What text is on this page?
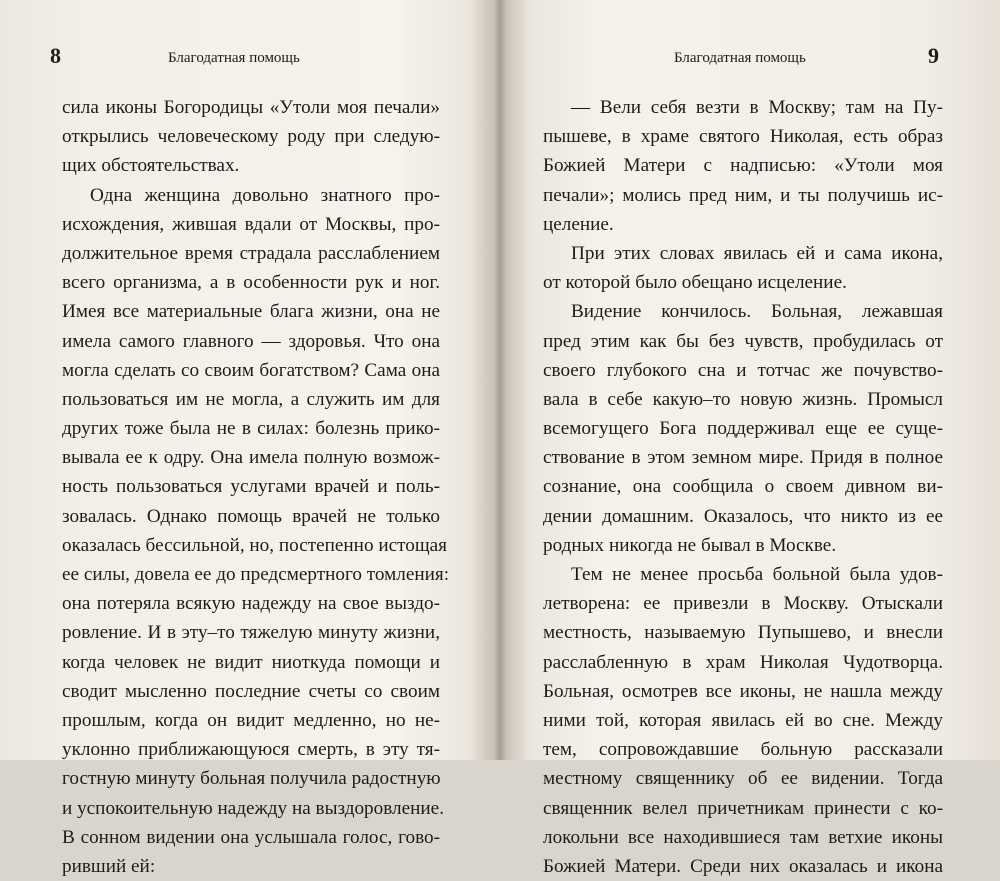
8	Благодатная помощь
сила иконы Богородицы «Утоли моя печали»
открылись человеческому роду при следую-
щих обстоятельствах.
Одна женщина довольно знатного про-
исхождения, жившая вдали от Москвы, про-
должительное время страдала расслаблением
всего организма, а в особенности рук и ног.
Имея все материальные блага жизни, она не
имела самого главного — здоровья. Что она
могла сделать со своим богатством? Сама она
пользоваться им не могла, а служить им для
других тоже была не в силах: болезнь прико-
вывала ее к одру. Она имела полную возмож-
ность пользоваться услугами врачей и поль-
зовалась. Однако помощь врачей не только
оказалась бессильной, но, постепенно истощая
ее силы, довела ее до предсмертного томления:
она потеряла всякую надежду на свое выздо-
ровление. И в эту–то тяжелую минуту жизни,
когда человек не видит ниоткуда помощи и
сводит мысленно последние счеты со своим
прошлым, когда он видит медленно, но не-
уклонно приближающуюся смерть, в эту тя-
гостную минуту больная получила радостную
и успокоительную надежду на выздоровление.
В сонном видении она услышала голос, гово-
ривший ей:
Благодатная помощь	9
— Вели себя везти в Москву; там на Пу-
пышеве, в храме святого Николая, есть образ
Божией Матери с надписью: «Утоли моя
печали»; молись пред ним, и ты получишь ис-
целение.
При этих словах явилась ей и сама икона,
от которой было обещано исцеление.
Видение кончилось. Больная, лежавшая
пред этим как бы без чувств, пробудилась от
своего глубокого сна и тотчас же почувство-
вала в себе какую–то новую жизнь. Промысл
всемогущего Бога поддерживал еще ее суще-
ствование в этом земном мире. Придя в полное
сознание, она сообщила о своем дивном ви-
дении домашним. Оказалось, что никто из ее
родных никогда не бывал в Москве.
Тем не менее просьба больной была удов-
летворена: ее привезли в Москву. Отыскали
местность, называемую Пупышево, и внесли
расслабленную в храм Николая Чудотворца.
Больная, осмотрев все иконы, не нашла между
ними той, которая явилась ей во сне. Между
тем, сопровождавшие больную рассказали
местному священнику об ее видении. Тогда
священник велел причетникам принести с ко-
локольни все находившиеся там ветхие иконы
Божией Матери. Среди них оказалась и икона
